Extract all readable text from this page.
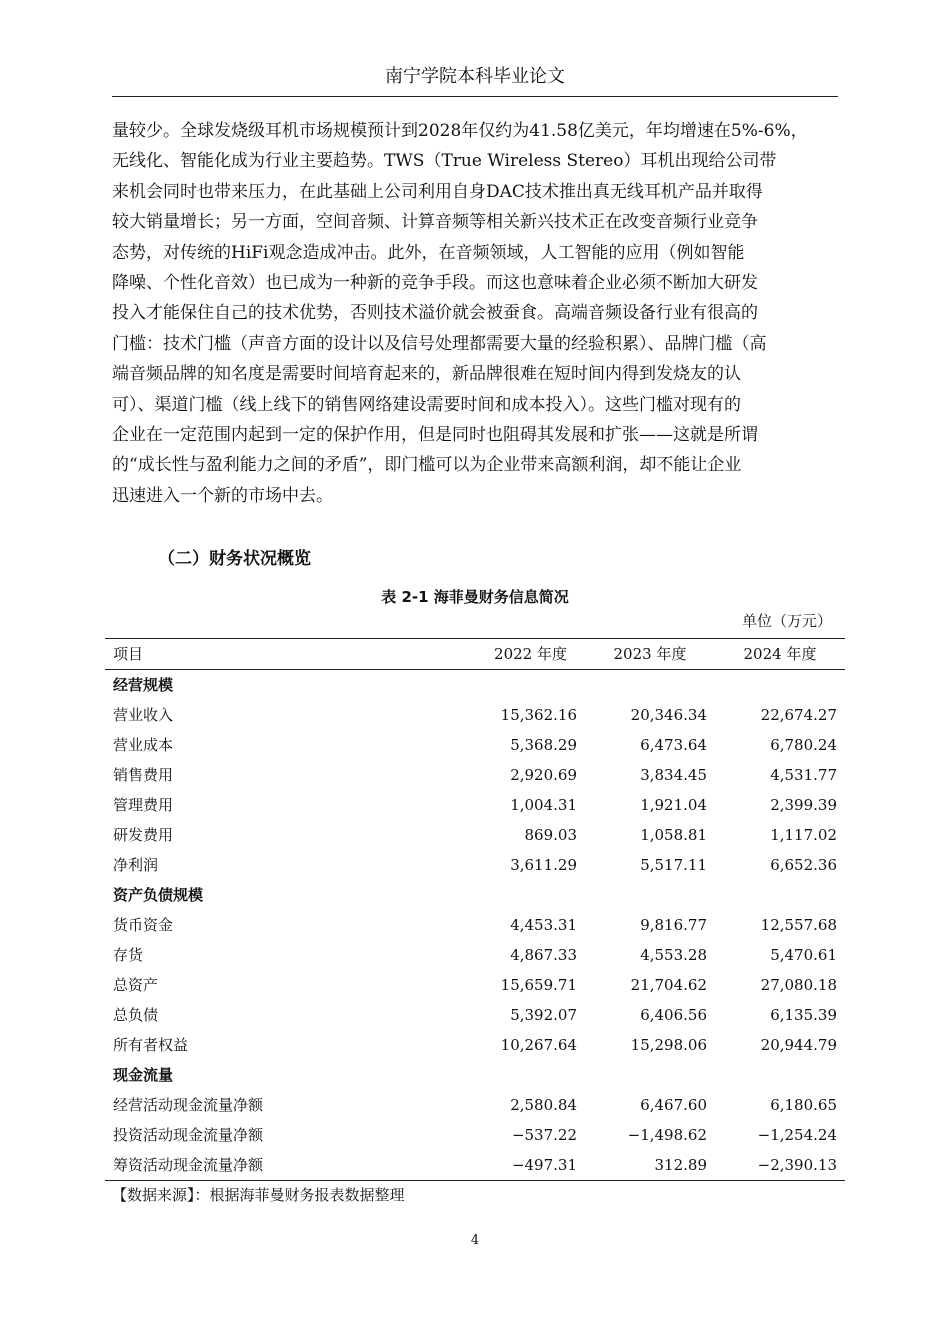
南宁学院本科毕业论文

量较少。全球发烧级耳机市场规模预计到2028年仅约为41.58亿美元，年均增速在5%-6%，
无线化、智能化成为行业主要趋势。TWS（True Wireless Stereo）耳机出现给公司带
来机会同时也带来压力，在此基础上公司利用自身DAC技术推出真无线耳机产品并取得
较大销量增长；另一方面，空间音频、计算音频等相关新兴技术正在改变音频行业竞争
态势，对传统的HiFi观念造成冲击。此外，在音频领域，人工智能的应用（例如智能
降噪、个性化音效）也已成为一种新的竞争手段。而这也意味着企业必须不断加大研发
投入才能保住自己的技术优势，否则技术溢价就会被蚕食。高端音频设备行业有很高的
门槛：技术门槛（声音方面的设计以及信号处理都需要大量的经验积累）、品牌门槛（高
端音频品牌的知名度是需要时间培育起来的，新品牌很难在短时间内得到发烧友的认
可）、渠道门槛（线上线下的销售网络建设需要时间和成本投入）。这些门槛对现有的
企业在一定范围内起到一定的保护作用，但是同时也阻碍其发展和扩张——这就是所谓
的“成长性与盈利能力之间的矛盾”，即门槛可以为企业带来高额利润，却不能让企业
迅速进入一个新的市场中去。

（二）财务状况概览
表 2-1 海菲曼财务信息简况
单位（万元）
项目	2022 年度	2023 年度	2024 年度
经营规模			
营业收入	15,362.16	20,346.34	22,674.27
营业成本	5,368.29	6,473.64	6,780.24
销售费用	2,920.69	3,834.45	4,531.77
管理费用	1,004.31	1,921.04	2,399.39
研发费用	869.03	1,058.81	1,117.02
净利润	3,611.29	5,517.11	6,652.36
资产负债规模			
货币资金	4,453.31	9,816.77	12,557.68
存货	4,867.33	4,553.28	5,470.61
总资产	15,659.71	21,704.62	27,080.18
总负债	5,392.07	6,406.56	6,135.39
所有者权益	10,267.64	15,298.06	20,944.79
现金流量			
经营活动现金流量净额	2,580.84	6,467.60	6,180.65
投资活动现金流量净额	−537.22	−1,498.62	−1,254.24
筹资活动现金流量净额	−497.31	312.89	−2,390.13
【数据来源】：根据海菲曼财务报表数据整理
4
